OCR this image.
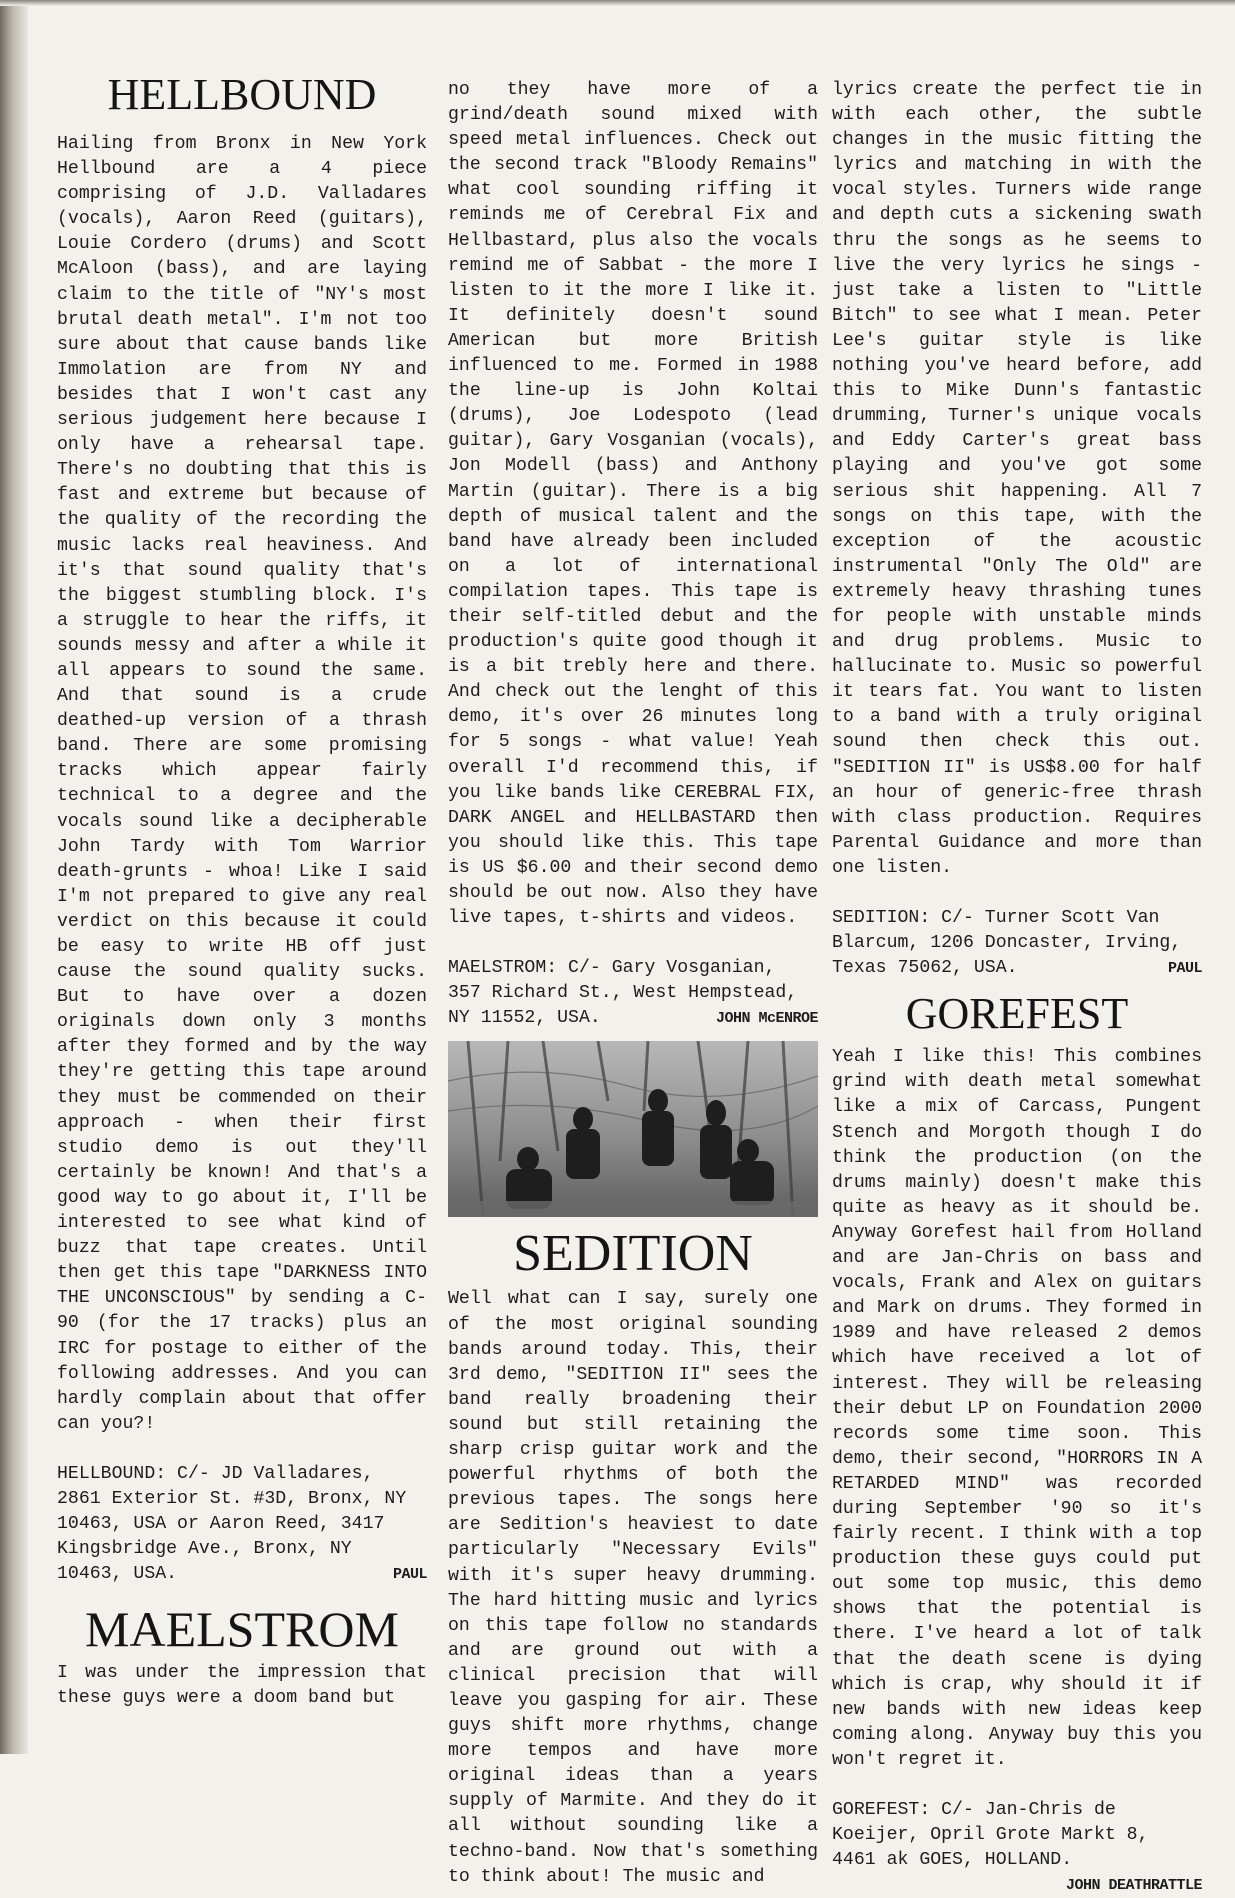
HELLBOUND

Hailing from Bronx in New York Hellbound are a 4 piece comprising of J.D. Valladares (vocals), Aaron Reed (guitars), Louie Cordero (drums) and Scott McAloon (bass), and are laying claim to the title of "NY's most brutal death metal". I'm not too sure about that cause bands like Immolation are from NY and besides that I won't cast any serious judgement here because I only have a rehearsal tape. There's no doubting that this is fast and extreme but because of the quality of the recording the music lacks real heaviness. And it's that sound quality that's the biggest stumbling block. I's a struggle to hear the riffs, it sounds messy and after a while it all appears to sound the same. And that sound is a crude deathed-up version of a thrash band. There are some promising tracks which appear fairly technical to a degree and the vocals sound like a decipherable John Tardy with Tom Warrior death-grunts - whoa! Like I said I'm not prepared to give any real verdict on this because it could be easy to write HB off just cause the sound quality sucks. But to have over a dozen originals down only 3 months after they formed and by the way they're getting this tape around they must be commended on their approach - when their first studio demo is out they'll certainly be known! And that's a good way to go about it, I'll be interested to see what kind of buzz that tape creates. Until then get this tape "DARKNESS INTO THE UNCONSCIOUS" by sending a C-90 (for the 17 tracks) plus an IRC for postage to either of the following addresses. And you can hardly complain about that offer can you?!

HELLBOUND: C/- JD Valladares, 2861 Exterior St. #3D, Bronx, NY 10463, USA or Aaron Reed, 3417 Kingsbridge Ave., Bronx, NY 10463, USA.	PAUL

MAELSTROM

I was under the impression that these guys were a doom band but

no they have more of a grind/death sound mixed with speed metal influences. Check out the second track "Bloody Remains" what cool sounding riffing it reminds me of Cerebral Fix and Hellbastard, plus also the vocals remind me of Sabbat - the more I listen to it the more I like it. It definitely doesn't sound American but more British influenced to me. Formed in 1988 the line-up is John Koltai (drums), Joe Lodespoto (lead guitar), Gary Vosganian (vocals), Jon Modell (bass) and Anthony Martin (guitar). There is a big depth of musical talent and the band have already been included on a lot of international compilation tapes. This tape is their self-titled debut and the production's quite good though it is a bit trebly here and there. And check out the lenght of this demo, it's over 26 minutes long for 5 songs - what value! Yeah overall I'd recommend this, if you like bands like CEREBRAL FIX, DARK ANGEL and HELLBASTARD then you should like this. This tape is US $6.00 and their second demo should be out now. Also they have live tapes, t-shirts and videos.

MAELSTROM: C/- Gary Vosganian, 357 Richard St., West Hempstead, NY 11552, USA.	JOHN McENROE

SEDITION

Well what can I say, surely one of the most original sounding bands around today. This, their 3rd demo, "SEDITION II" sees the band really broadening their sound but still retaining the sharp crisp guitar work and the powerful rhythms of both the previous tapes. The songs here are Sedition's heaviest to date particularly "Necessary Evils" with it's super heavy drumming. The hard hitting music and lyrics on this tape follow no standards and are ground out with a clinical precision that will leave you gasping for air. These guys shift more rhythms, change more tempos and have more original ideas than a years supply of Marmite. And they do it all without sounding like a techno-band. Now that's something to think about! The music and

lyrics create the perfect tie in with each other, the subtle changes in the music fitting the lyrics and matching in with the vocal styles. Turners wide range and depth cuts a sickening swath thru the songs as he seems to live the very lyrics he sings - just take a listen to "Little Bitch" to see what I mean. Peter Lee's guitar style is like nothing you've heard before, add this to Mike Dunn's fantastic drumming, Turner's unique vocals and Eddy Carter's great bass playing and you've got some serious shit happening. All 7 songs on this tape, with the exception of the acoustic instrumental "Only The Old" are extremely heavy thrashing tunes for people with unstable minds and drug problems. Music to hallucinate to. Music so powerful it tears fat. You want to listen to a band with a truly original sound then check this out. "SEDITION II" is US$8.00 for half an hour of generic-free thrash with class production. Requires Parental Guidance and more than one listen.

SEDITION: C/- Turner Scott Van Blarcum, 1206 Doncaster, Irving, Texas 75062, USA.	PAUL

GOREFEST

Yeah I like this! This combines grind with death metal somewhat like a mix of Carcass, Pungent Stench and Morgoth though I do think the production (on the drums mainly) doesn't make this quite as heavy as it should be. Anyway Gorefest hail from Holland and are Jan-Chris on bass and vocals, Frank and Alex on guitars and Mark on drums. They formed in 1989 and have released 2 demos which have received a lot of interest. They will be releasing their debut LP on Foundation 2000 records some time soon. This demo, their second, "HORRORS IN A RETARDED MIND" was recorded during September '90 so it's fairly recent. I think with a top production these guys could put out some top music, this demo shows that the potential is there. I've heard a lot of talk that the death scene is dying which is crap, why should it if new bands with new ideas keep coming along. Anyway buy this you won't regret it.

GOREFEST: C/- Jan-Chris de Koeijer, Opril Grote Markt 8, 4461 ak GOES, HOLLAND.
JOHN DEATHRATTLE
